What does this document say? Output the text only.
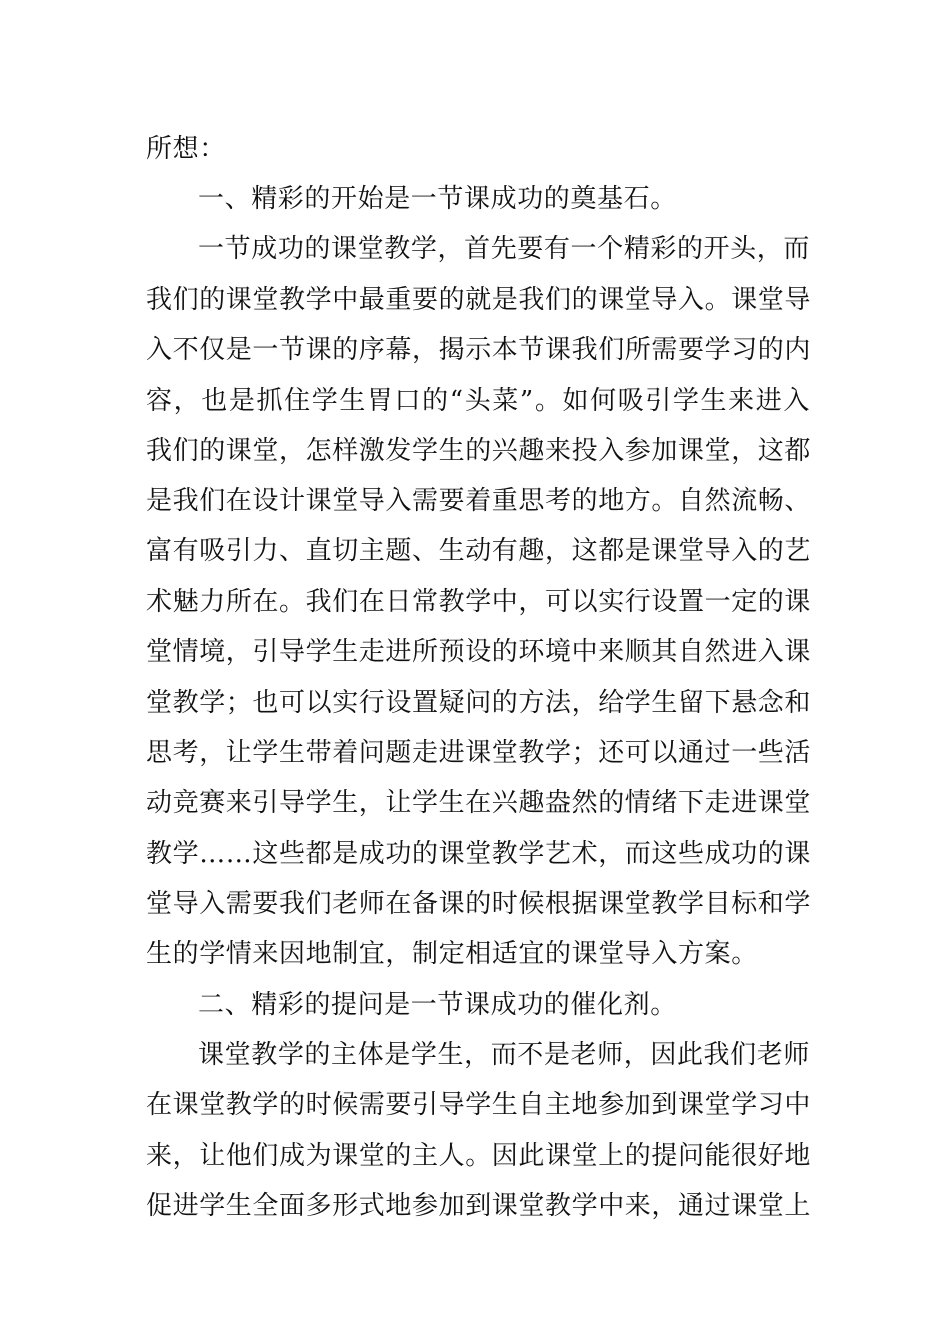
所想：
一、精彩的开始是一节课成功的奠基石。
一节成功的课堂教学，首先要有一个精彩的开头，而
我们的课堂教学中最重要的就是我们的课堂导入。课堂导
入不仅是一节课的序幕，揭示本节课我们所需要学习的内
容，也是抓住学生胃口的“头菜”。如何吸引学生来进入
我们的课堂，怎样激发学生的兴趣来投入参加课堂，这都
是我们在设计课堂导入需要着重思考的地方。自然流畅、
富有吸引力、直切主题、生动有趣，这都是课堂导入的艺
术魅力所在。我们在日常教学中，可以实行设置一定的课
堂情境，引导学生走进所预设的环境中来顺其自然进入课
堂教学；也可以实行设置疑问的方法，给学生留下悬念和
思考，让学生带着问题走进课堂教学；还可以通过一些活
动竞赛来引导学生，让学生在兴趣盎然的情绪下走进课堂
教学……这些都是成功的课堂教学艺术，而这些成功的课
堂导入需要我们老师在备课的时候根据课堂教学目标和学
生的学情来因地制宜，制定相适宜的课堂导入方案。
二、精彩的提问是一节课成功的催化剂。
课堂教学的主体是学生，而不是老师，因此我们老师
在课堂教学的时候需要引导学生自主地参加到课堂学习中
来，让他们成为课堂的主人。因此课堂上的提问能很好地
促进学生全面多形式地参加到课堂教学中来，通过课堂上
